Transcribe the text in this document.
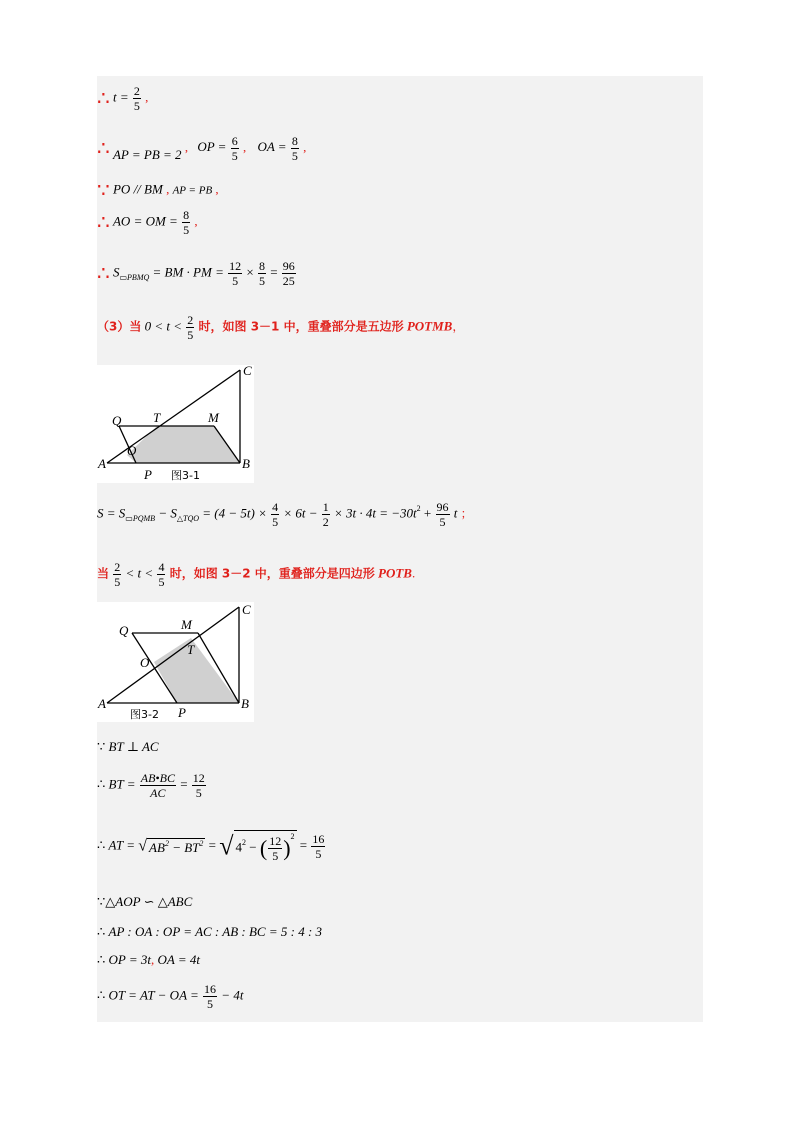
∴ $t = \frac{2}{5}$ ,
∴ AP = PB = 2 , OP = $\frac{6}{5}$ , OA = $\frac{8}{5}$ ,
∵ PO // BM , AP = PB ,
∴ AO = OM = $\frac{8}{5}$ ,
∴ $S_{▭PBMQ}$ = BM · PM = $\frac{12}{5} \times \frac{8}{5} = \frac{96}{25}$
（3）当 $0 < t < \frac{2}{5}$ 时，如图 3－1 中，重叠部分是五边形 POTMB，
C
Q T	M
O
A	B
P 图3-1
$S = S_{▭PQMB} - S_{\triangle TQO} = (4 - 5t) \times \frac{4}{5} \times 6t - \frac{1}{2} \times 3t \cdot 4t = -30t^2 + \frac{96}{5}$ t ；
当 $\frac{2}{5} < t < \frac{4}{5}$ 时，如图 3－2 中，重叠部分是四边形 POTB.
C
Q	M
T
O
A	B
P
图3-2
∵ BT ⊥ AC
∴ BT = $\frac{AB•BC}{AC} = \frac{12}{5}$
∴ AT = √ $AB^2 - BT^2$ = √ $4^2$ − ( $\frac{12}{5} )^2 = \frac{16}{5}$
∵△AOP ∽ △ABC
∴ AP : OA : OP = AC : AB : BC = 5 : 4 : 3
∴ OP = 3t, OA = 4t
∴ OT = AT − OA = $\frac{16}{5} - 4t$
